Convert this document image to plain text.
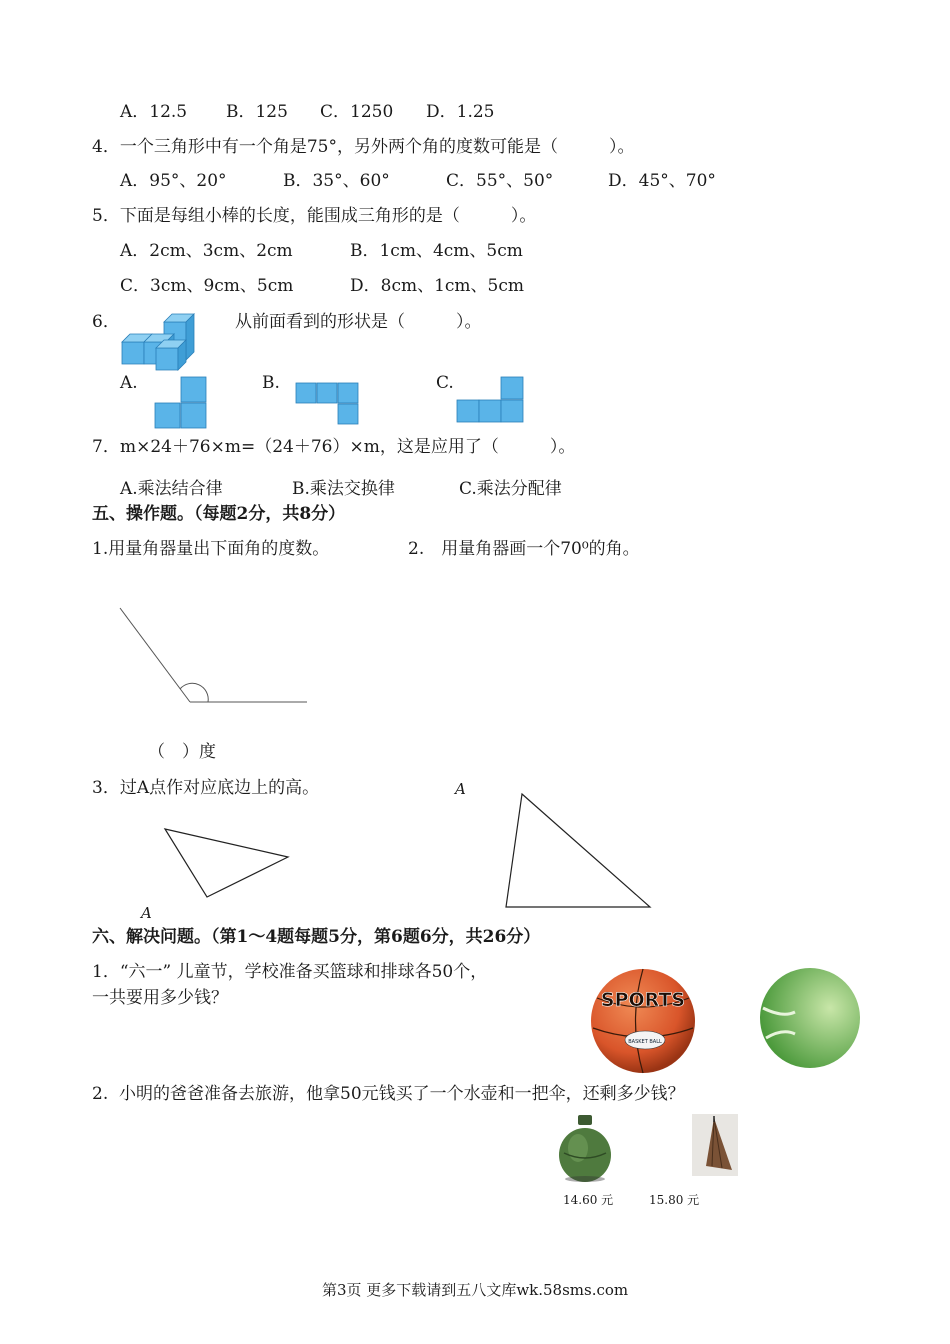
A．12.5 B．125 C．1250 D．1.25
4．一个三角形中有一个角是75°，另外两个角的度数可能是（　　　）。
A．95°、20°	B．35°、60°	C．55°、50°	D．45°、70°
5．下面是每组小棒的长度，能围成三角形的是（　　　）。
A．2cm、3cm、2cm	B．1cm、4cm、5cm
C．3cm、9cm、5cm	D．8cm、1cm、5cm
6．	从前面看到的形状是（　　　）。
A.	B.	C.
7． m×24＋76×m=（24＋76）×m，这是应用了（　　　）。
A.乘法结合律	B.乘法交换律	C.乘法分配律
五、操作题。（每题2分，共8分）
1.用量角器量出下面角的度数。	2.　用量角器画一个70⁰的角。
（　）度
3．过A点作对应底边上的高。	A
A
六、解决问题。（第1～4题每题5分，第6题6分，共26分）
1．“六一” 儿童节，学校准备买篮球和排球各50个，
一共要用多少钱？	SPORTS
BASKET BALL
2.  小明的爸爸准备去旅游，他拿50元钱买了一个水壶和一把伞，还剩多少钱？
14.60 元	15.80 元
第3页 更多下载请到五八文库wk.58sms.com
